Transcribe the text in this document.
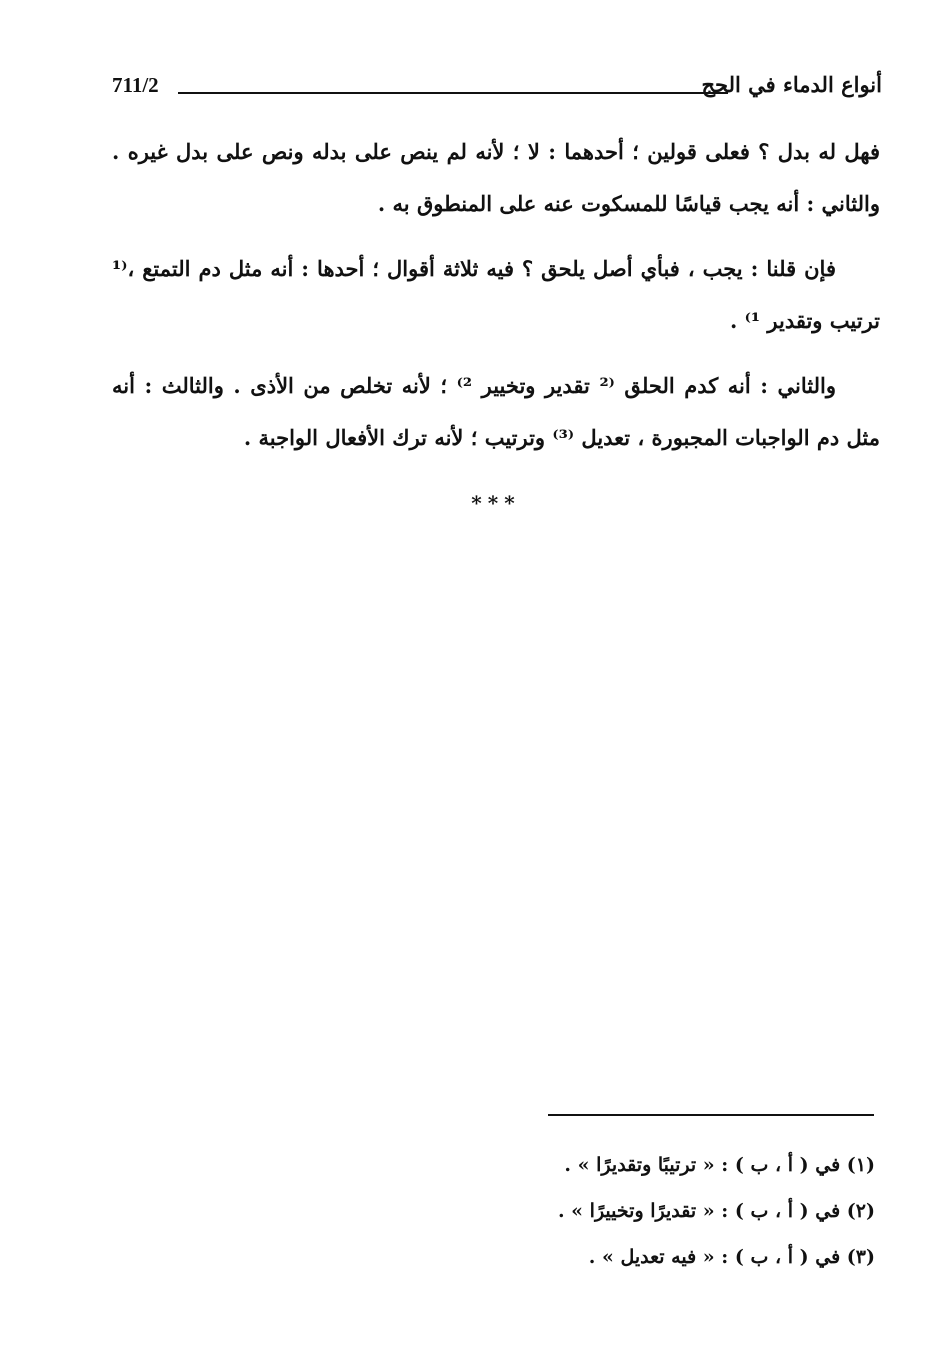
أنواع الدماء في الحج
711/2

فهل له بدل ؟ فعلى قولين ؛ أحدهما : لا ؛ لأنه لم ينص على بدله ونص على بدل غيره . والثاني : أنه يجب قياسًا للمسكوت عنه على المنطوق به .

فإن قلنا : يجب ، فبأي أصل يلحق ؟ فيه ثلاثة أقوال ؛ أحدها : أنه مثل دم التمتع ،⁽¹ ترتيب وتقدير ¹⁾ .

والثاني : أنه كدم الحلق ⁽² تقدير وتخيير ²⁾ ؛ لأنه تخلص من الأذى . والثالث : أنه مثل دم الواجبات المجبورة ، تعديل ⁽³⁾ وترتيب ؛ لأنه ترك الأفعال الواجبة .

***
(١) في ( أ ، ب ) : « ترتيبًا وتقديرًا » .
(٢) في ( أ ، ب ) : « تقديرًا وتخييرًا » .
(٣) في ( أ ، ب ) : « فيه تعديل » .
